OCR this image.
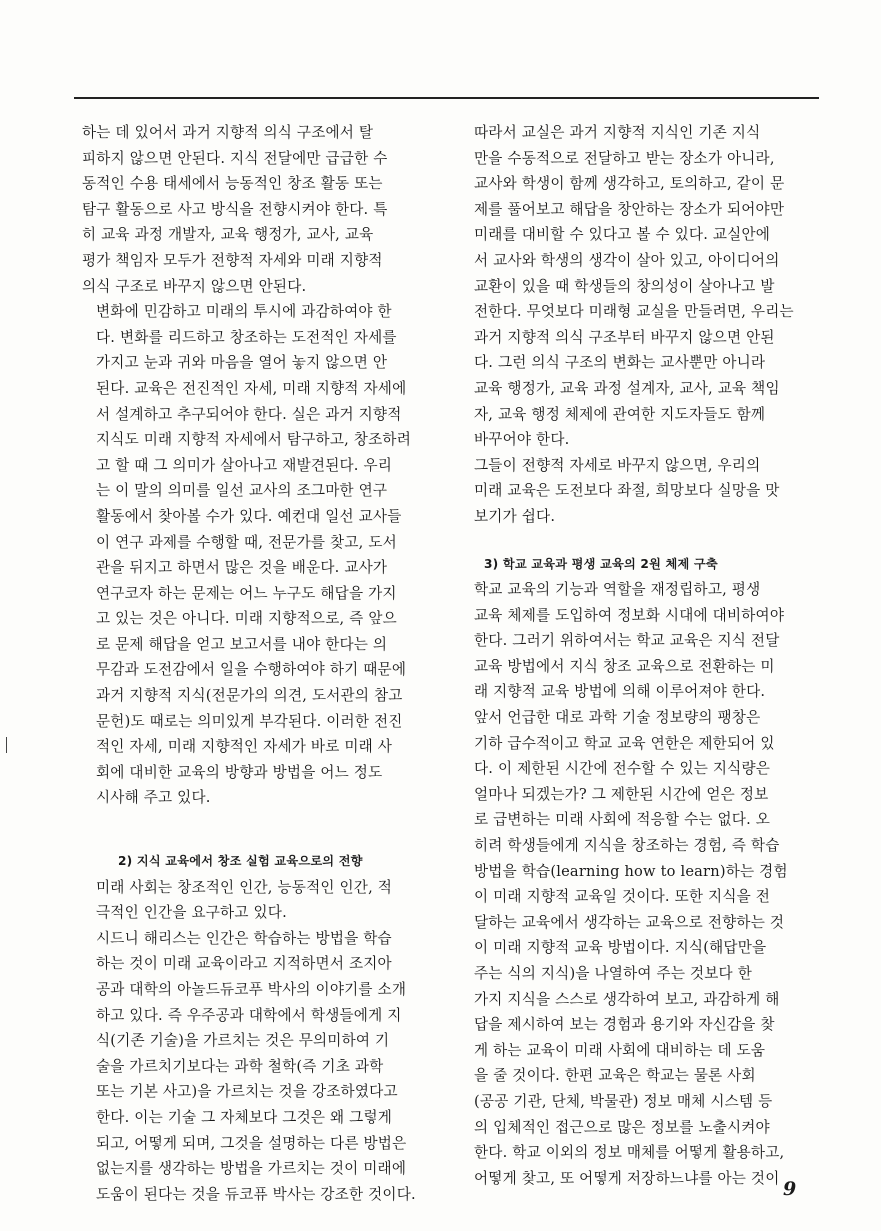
하는 데 있어서 과거 지향적 의식 구조에서 탈
피하지 않으면 안된다. 지식 전달에만 급급한 수
동적인 수용 태세에서 능동적인 창조 활동 또는
탐구 활동으로 사고 방식을 전향시켜야 한다. 특
히 교육 과정 개발자, 교육 행정가, 교사, 교육
평가 책임자 모두가 전향적 자세와 미래 지향적
의식 구조로 바꾸지 않으면 안된다.

변화에 민감하고 미래의 투시에 과감하여야 한
다. 변화를 리드하고 창조하는 도전적인 자세를
가지고 눈과 귀와 마음을 열어 놓지 않으면 안
된다. 교육은 전진적인 자세, 미래 지향적 자세에
서 설계하고 추구되어야 한다. 실은 과거 지향적
지식도 미래 지향적 자세에서 탐구하고, 창조하려
고 할 때 그 의미가 살아나고 재발견된다. 우리
는 이 말의 의미를 일선 교사의 조그마한 연구
활동에서 찾아볼 수가 있다. 예컨대 일선 교사들
이 연구 과제를 수행할 때, 전문가를 찾고, 도서
관을 뒤지고 하면서 많은 것을 배운다. 교사가
연구코자 하는 문제는 어느 누구도 해답을 가지
고 있는 것은 아니다. 미래 지향적으로, 즉 앞으
로 문제 해답을 얻고 보고서를 내야 한다는 의
무감과 도전감에서 일을 수행하여야 하기 때문에
과거 지향적 지식(전문가의 의견, 도서관의 참고
문헌)도 때로는 의미있게 부각된다. 이러한 전진
적인 자세, 미래 지향적인 자세가 바로 미래 사
회에 대비한 교육의 방향과 방법을 어느 정도
시사해 주고 있다.

2) 지식 교육에서 창조 실험 교육으로의 전향

미래 사회는 창조적인 인간, 능동적인 인간, 적
극적인 인간을 요구하고 있다.

시드니 해리스는 인간은 학습하는 방법을 학습
하는 것이 미래 교육이라고 지적하면서 조지아
공과 대학의 아놀드듀코푸 박사의 이야기를 소개
하고 있다. 즉 우주공과 대학에서 학생들에게 지
식(기존 기술)을 가르치는 것은 무의미하여 기
술을 가르치기보다는 과학 철학(즉 기초 과학
또는 기본 사고)을 가르치는 것을 강조하였다고
한다. 이는 기술 그 자체보다 그것은 왜 그렇게
되고, 어떻게 되며, 그것을 설명하는 다른 방법은
없는지를 생각하는 방법을 가르치는 것이 미래에
도움이 된다는 것을 듀코퓨 박사는 강조한 것이다.

따라서 교실은 과거 지향적 지식인 기존 지식
만을 수동적으로 전달하고 받는 장소가 아니라,
교사와 학생이 함께 생각하고, 토의하고, 같이 문
제를 풀어보고 해답을 창안하는 장소가 되어야만
미래를 대비할 수 있다고 볼 수 있다. 교실안에
서 교사와 학생의 생각이 살아 있고, 아이디어의
교환이 있을 때 학생들의 창의성이 살아나고 발
전한다. 무엇보다 미래형 교실을 만들려면, 우리는
과거 지향적 의식 구조부터 바꾸지 않으면 안된
다. 그런 의식 구조의 변화는 교사뿐만 아니라
교육 행정가, 교육 과정 설계자, 교사, 교육 책임
자, 교육 행정 체제에 관여한 지도자들도 함께
바꾸어야 한다.

그들이 전향적 자세로 바꾸지 않으면, 우리의
미래 교육은 도전보다 좌절, 희망보다 실망을 맛
보기가 쉽다.

3) 학교 교육과 평생 교육의 2원 체제 구축

학교 교육의 기능과 역할을 재정립하고, 평생
교육 체제를 도입하여 정보화 시대에 대비하여야
한다. 그러기 위하여서는 학교 교육은 지식 전달
교육 방법에서 지식 창조 교육으로 전환하는 미
래 지향적 교육 방법에 의해 이루어져야 한다.
앞서 언급한 대로 과학 기술 정보량의 팽창은
기하 급수적이고 학교 교육 연한은 제한되어 있
다. 이 제한된 시간에 전수할 수 있는 지식량은
얼마나 되겠는가? 그 제한된 시간에 얻은 정보
로 급변하는 미래 사회에 적응할 수는 없다. 오
히려 학생들에게 지식을 창조하는 경험, 즉 학습
방법을 학습(learning how to learn)하는 경험
이 미래 지향적 교육일 것이다. 또한 지식을 전
달하는 교육에서 생각하는 교육으로 전향하는 것
이 미래 지향적 교육 방법이다. 지식(해답만을
주는 식의 지식)을 나열하여 주는 것보다 한
가지 지식을 스스로 생각하여 보고, 과감하게 해
답을 제시하여 보는 경험과 용기와 자신감을 찾
게 하는 교육이 미래 사회에 대비하는 데 도움
을 줄 것이다. 한편 교육은 학교는 물론 사회
(공공 기관, 단체, 박물관) 정보 매체 시스템 등
의 입체적인 접근으로 많은 정보를 노출시켜야
한다. 학교 이외의 정보 매체를 어떻게 활용하고,
어떻게 찾고, 또 어떻게 저장하느냐를 아는 것이 9
